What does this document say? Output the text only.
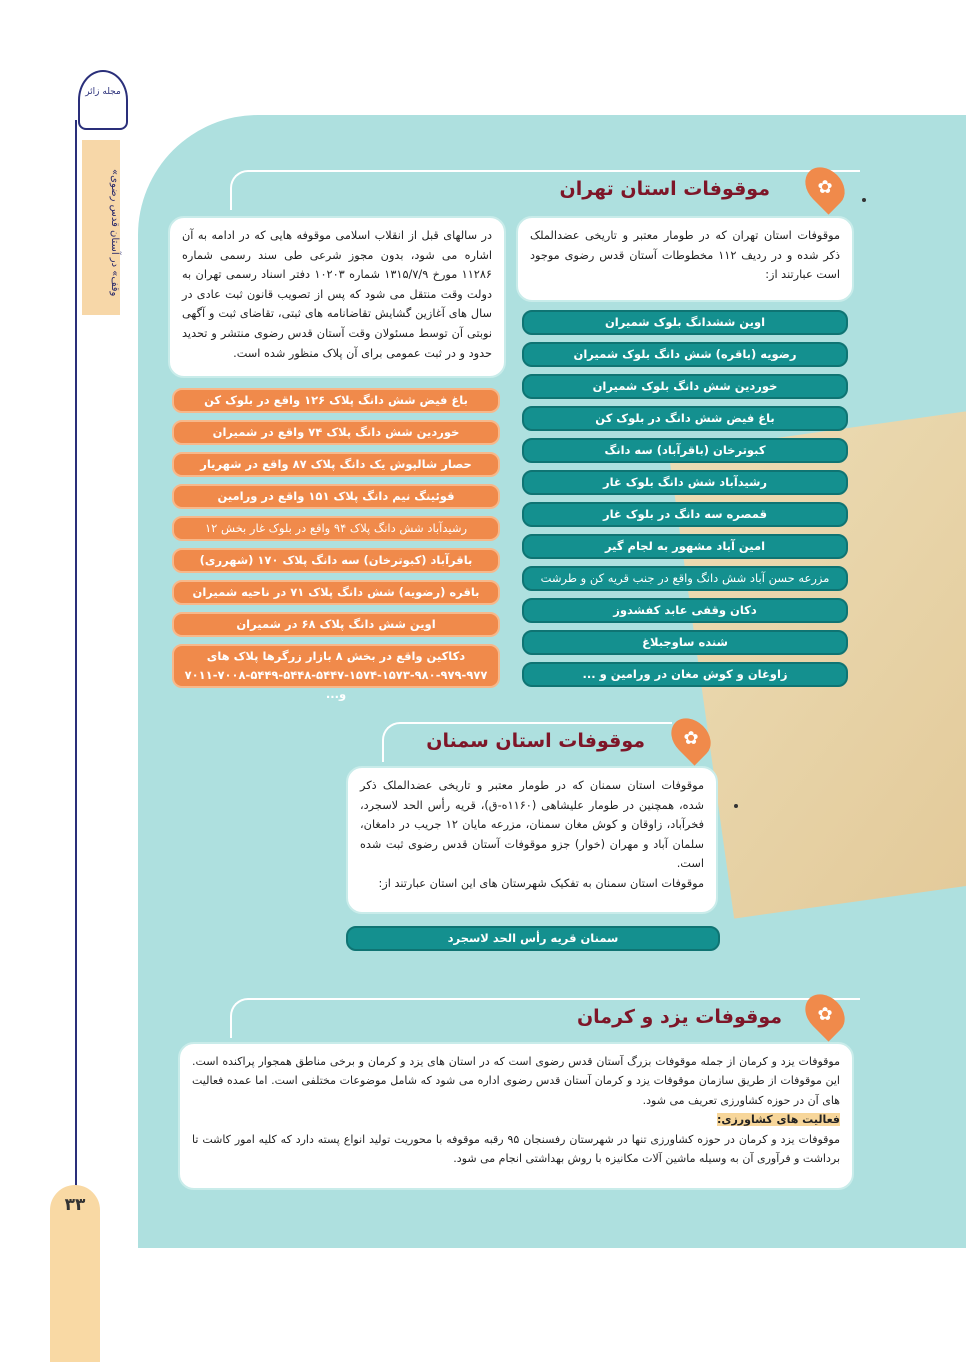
مجله زائر
«وقف» در آستان قدس رضوی
۳۳
موقوفات استان تهران	✿
موقوفات استان تهران که در طومار معتبر و تاریخی عضدالملک ذکر شده و در ردیف ۱۱۲ مخطوطات آستان قدس رضوی موجود است عبارتند از:
در سالهای قبل از انقلاب اسلامی موقوفه هایی که در ادامه به آن اشاره می شود، بدون مجوز شرعی طی سند رسمی شماره ۱۱۲۸۶ مورخ ۱۳۱۵/۷/۹ شماره ۱۰۲۰۳ دفتر اسناد رسمی تهران به دولت وقت منتقل می شود که پس از تصویب قانون ثبت عادی در سال های آغازین گشایش تقاضانامه های ثبتی، تقاضای ثبت و آگهی نوبتی آن توسط مسئولان وقت آستان قدس رضوی منتشر و تحدید حدود و در ثبت عمومی برای آن پلاک منظور شده است.
اوین ششدانگ بلوک شمیران
رضویه (باقره) شش دانگ بلوک شمیران
خوردین شش دانگ بلوک شمیران
باغ فیض شش دانگ در بلوک کن
کبوترخان (باقرآباد) سه دانگ
رشیدآباد شش دانگ بلوک غار
قمصره سه دانگ در بلوک غار
امین آباد مشهور به لجام گیر
مزرعه حسن آباد شش دانگ واقع در جنب قریه کن و طرشت
دکان وقفی عابد کفشدوز
شنده ساوجبلاغ
زاوغان و کوش مغان در ورامین و ...
باغ فیض شش دانگ پلاک ۱۲۶ واقع در بلوک کن
خوردین شش دانگ پلاک ۷۴ واقع در شمیران
حصار شالپوش یک دانگ پلاک ۸۷ واقع در شهریار
قوئینگ نیم دانگ پلاک ۱۵۱ واقع در ورامین
رشیدآباد شش دانگ پلاک ۹۴ واقع در بلوک غار بخش ۱۲
باقرآباد (کبوترخان) سه دانگ پلاک ۱۷۰ (شهرری)
باقره (رضویه) شش دانگ پلاک ۷۱ در ناحیه شمیران
اوین شش دانگ پلاک ۶۸ در شمیران
دکاکین واقع در بخش ۸ بازار زرگرها پلاک های ۹۷۷-۹۷۹-۹۸۰-۱۵۷۳-۱۵۷۴-۵۴۴۷-۵۴۴۸-۵۴۴۹-۷۰۰۸-۷۰۱۱ و...
موقوفات استان سمنان ✿
موقوفات استان سمنان که در طومار معتبر و تاریخی عضدالملک ذکر شده، همچنین در طومار علیشاهی (۱۱۶۰ه-ق)، قریه رأس الحد لاسجرد، فخرآباد، زاوقان و کوش مغان سمنان، مزرعه مایان ۱۲ جریب در دامغان، سلمان آباد و مهران (خوار) جزو موقوفات آستان قدس رضوی ثبت شده است.
موقوفات استان سمنان به تفکیک شهرستان های این استان عبارتند از:
سمنان قریه رأس الحد لاسجرد
موقوفات یزد و کرمان ✿
موقوفات یزد و کرمان از جمله موقوفات بزرگ آستان قدس رضوی است که در استان های یزد و کرمان و برخی مناطق همجوار پراکنده است. این موقوفات از طریق سازمان موقوفات یزد و کرمان آستان قدس رضوی اداره می شود که شامل موضوعات مختلفی است. اما عمده فعالیت های آن در حوزه کشاورزی تعریف می شود.
فعالیت های کشاورزی:
موقوفات یزد و کرمان در حوزه کشاورزی تنها در شهرستان رفسنجان ۹۵ رقبه موقوفه با محوریت تولید انواع پسته دارد که کلیه امور کاشت تا برداشت و فرآوری آن به وسیله ماشین آلات مکانیزه با روش بهداشتی انجام می شود.
